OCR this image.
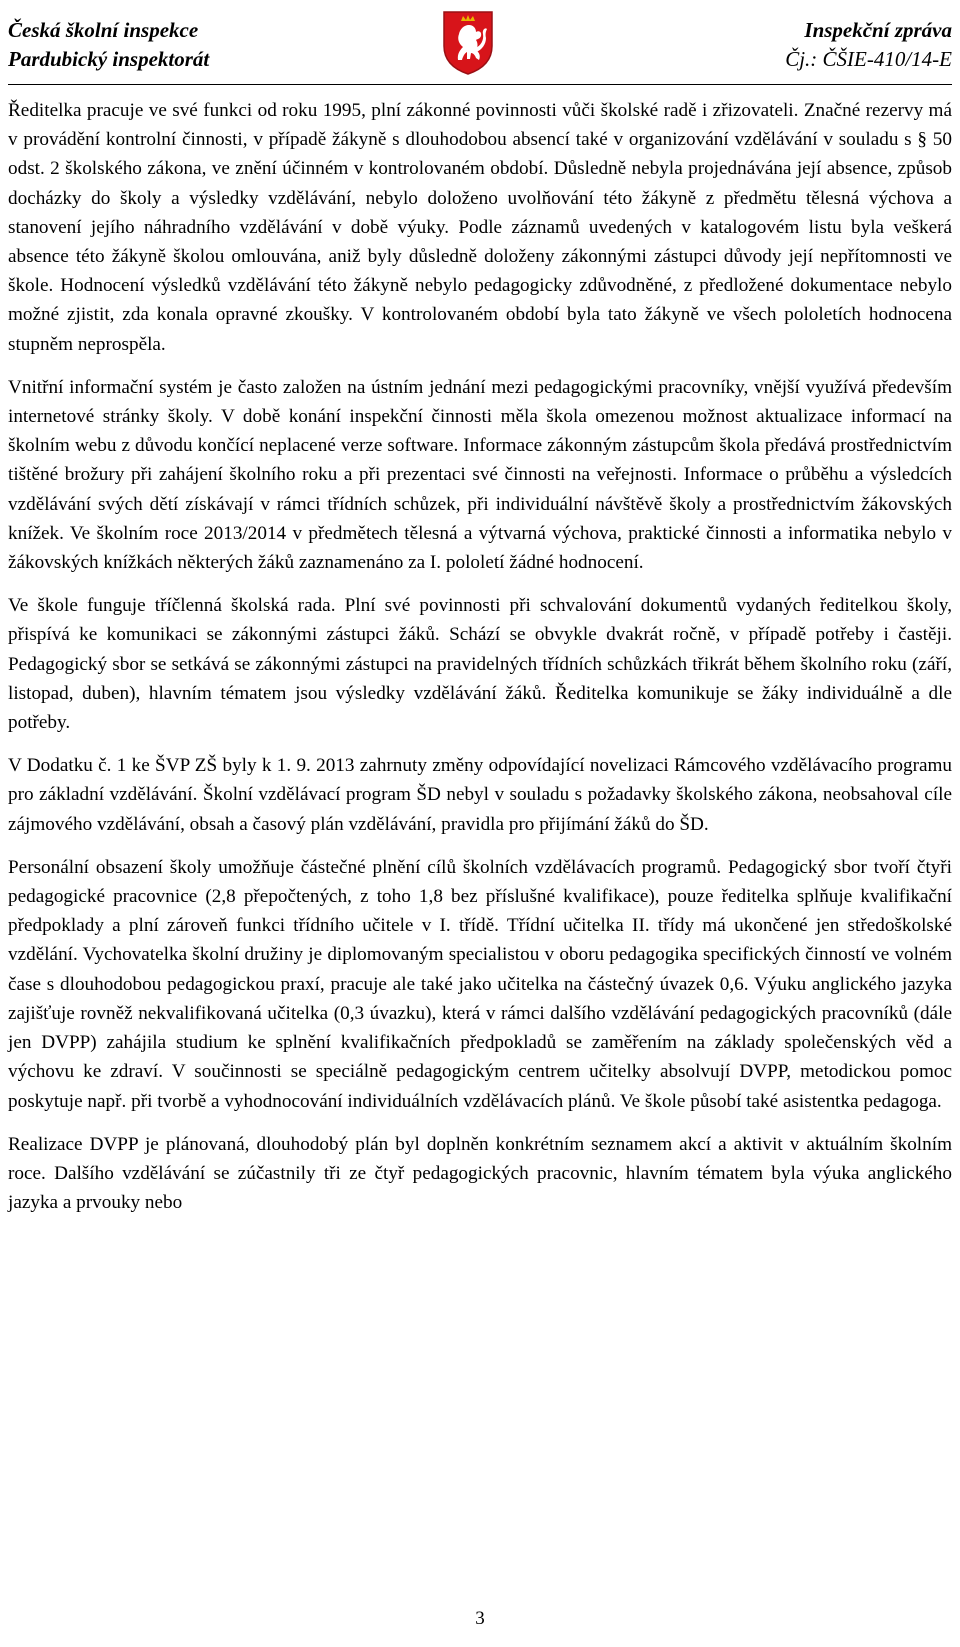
Česká školní inspekce
Pardubický inspektorát
Inspekční zpráva
Čj.: ČŠIE-410/14-E

Ředitelka pracuje ve své funkci od roku 1995, plní zákonné povinnosti vůči školské radě i zřizovateli. Značné rezervy má v provádění kontrolní činnosti, v případě žákyně s dlouhodobou absencí také v organizování vzdělávání v souladu s § 50 odst. 2 školského zákona, ve znění účinném v kontrolovaném období. Důsledně nebyla projednávána její absence, způsob docházky do školy a výsledky vzdělávání, nebylo doloženo uvolňování této žákyně z předmětu tělesná výchova a stanovení jejího náhradního vzdělávání v době výuky. Podle záznamů uvedených v katalogovém listu byla veškerá absence této žákyně školou omlouvána, aniž byly důsledně doloženy zákonnými zástupci důvody její nepřítomnosti ve škole. Hodnocení výsledků vzdělávání této žákyně nebylo pedagogicky zdůvodněné, z předložené dokumentace nebylo možné zjistit, zda konala opravné zkoušky. V kontrolovaném období byla tato žákyně ve všech pololetích hodnocena stupněm neprospěla.

Vnitřní informační systém je často založen na ústním jednání mezi pedagogickými pracovníky, vnější využívá především internetové stránky školy. V době konání inspekční činnosti měla škola omezenou možnost aktualizace informací na školním webu z důvodu končící neplacené verze software. Informace zákonným zástupcům škola předává prostřednictvím tištěné brožury při zahájení školního roku a při prezentaci své činnosti na veřejnosti. Informace o průběhu a výsledcích vzdělávání svých dětí získávají v rámci třídních schůzek, při individuální návštěvě školy a prostřednictvím žákovských knížek. Ve školním roce 2013/2014 v předmětech tělesná a výtvarná výchova, praktické činnosti a informatika nebylo v žákovských knížkách některých žáků zaznamenáno za I. pololetí žádné hodnocení.

Ve škole funguje tříčlenná školská rada. Plní své povinnosti při schvalování dokumentů vydaných ředitelkou školy, přispívá ke komunikaci se zákonnými zástupci žáků. Schází se obvykle dvakrát ročně, v případě potřeby i častěji. Pedagogický sbor se setkává se zákonnými zástupci na pravidelných třídních schůzkách třikrát během školního roku (září, listopad, duben), hlavním tématem jsou výsledky vzdělávání žáků. Ředitelka komunikuje se žáky individuálně a dle potřeby.

V Dodatku č. 1 ke ŠVP ZŠ byly k 1. 9. 2013 zahrnuty změny odpovídající novelizaci Rámcového vzdělávacího programu pro základní vzdělávání. Školní vzdělávací program ŠD nebyl v souladu s požadavky školského zákona, neobsahoval cíle zájmového vzdělávání, obsah a časový plán vzdělávání, pravidla pro přijímání žáků do ŠD.

Personální obsazení školy umožňuje částečné plnění cílů školních vzdělávacích programů. Pedagogický sbor tvoří čtyři pedagogické pracovnice (2,8 přepočtených, z toho 1,8 bez příslušné kvalifikace), pouze ředitelka splňuje kvalifikační předpoklady a plní zároveň funkci třídního učitele v I. třídě. Třídní učitelka II. třídy má ukončené jen středoškolské vzdělání. Vychovatelka školní družiny je diplomovaným specialistou v oboru pedagogika specifických činností ve volném čase s dlouhodobou pedagogickou praxí, pracuje ale také jako učitelka na částečný úvazek 0,6. Výuku anglického jazyka zajišťuje rovněž nekvalifikovaná učitelka (0,3 úvazku), která v rámci dalšího vzdělávání pedagogických pracovníků (dále jen DVPP) zahájila studium ke splnění kvalifikačních předpokladů se zaměřením na základy společenských věd a výchovu ke zdraví. V součinnosti se speciálně pedagogickým centrem učitelky absolvují DVPP, metodickou pomoc poskytuje např. při tvorbě a vyhodnocování individuálních vzdělávacích plánů. Ve škole působí také asistentka pedagoga.

Realizace DVPP je plánovaná, dlouhodobý plán byl doplněn konkrétním seznamem akcí a aktivit v aktuálním školním roce. Dalšího vzdělávání se zúčastnily tři ze čtyř pedagogických pracovnic, hlavním tématem byla výuka anglického jazyka a prvouky nebo

3
